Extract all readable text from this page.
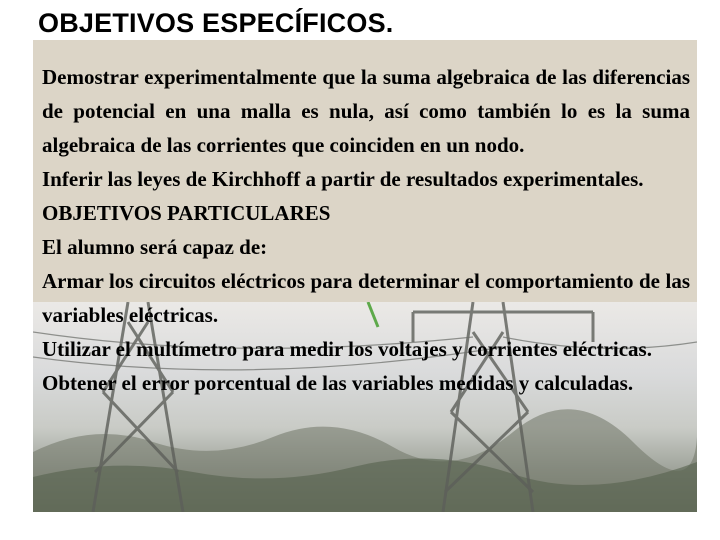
OBJETIVOS ESPECÍFICOS.

Demostrar experimentalmente que la suma algebraica de las diferencias de potencial en una malla es nula, así como también lo es la suma algebraica de las corrientes que coinciden en un nodo.

Inferir las leyes de Kirchhoff a partir de resultados experimentales.

OBJETIVOS PARTICULARES

El alumno será capaz de:

Armar los circuitos eléctricos para determinar el comportamiento de las variables eléctricas.

Utilizar el multímetro para medir los voltajes y corrientes eléctricas.

Obtener el error porcentual de las variables medidas y calculadas.
